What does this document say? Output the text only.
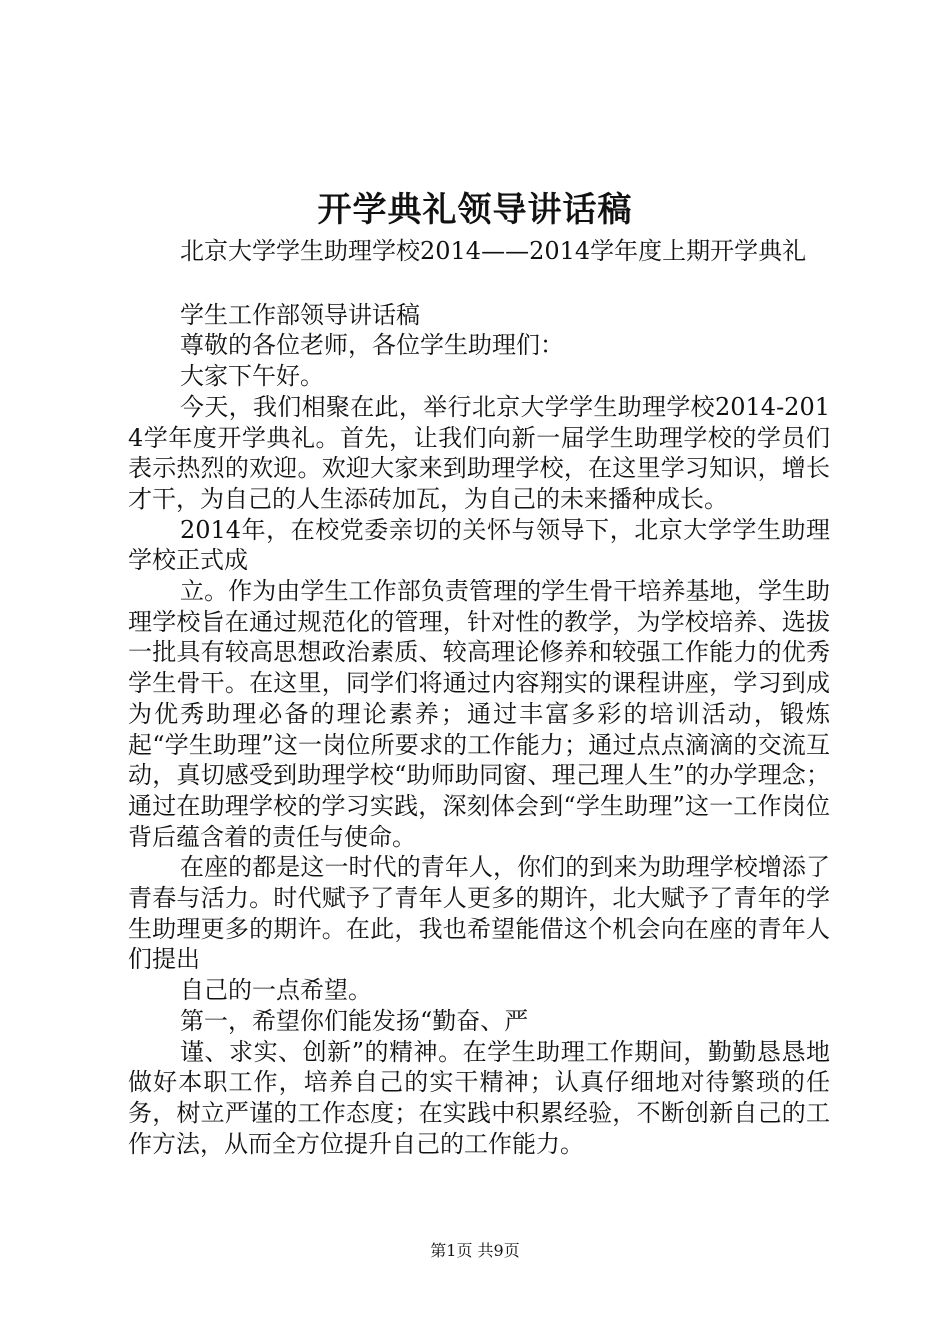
开学典礼领导讲话稿

北京大学学生助理学校2014——2014学年度上期开学典礼

学生工作部领导讲话稿

尊敬的各位老师，各位学生助理们：

大家下午好。

今天，我们相聚在此，举行北京大学学生助理学校2014-2014学年度开学典礼。首先，让我们向新一届学生助理学校的学员们表示热烈的欢迎。欢迎大家来到助理学校，在这里学习知识，增长才干，为自己的人生添砖加瓦，为自己的未来播种成长。

2014年，在校党委亲切的关怀与领导下，北京大学学生助理学校正式成

立。作为由学生工作部负责管理的学生骨干培养基地，学生助理学校旨在通过规范化的管理，针对性的教学，为学校培养、选拔一批具有较高思想政治素质、较高理论修养和较强工作能力的优秀学生骨干。在这里，同学们将通过内容翔实的课程讲座，学习到成为优秀助理必备的理论素养；通过丰富多彩的培训活动，锻炼起“学生助理”这一岗位所要求的工作能力；通过点点滴滴的交流互动，真切感受到助理学校“助师助同窗、理己理人生”的办学理念；通过在助理学校的学习实践，深刻体会到“学生助理”这一工作岗位背后蕴含着的责任与使命。

在座的都是这一时代的青年人，你们的到来为助理学校增添了青春与活力。时代赋予了青年人更多的期许，北大赋予了青年的学生助理更多的期许。在此，我也希望能借这个机会向在座的青年人们提出

自己的一点希望。

第一，希望你们能发扬“勤奋、严

谨、求实、创新”的精神。在学生助理工作期间，勤勤恳恳地做好本职工作，培养自己的实干精神；认真仔细地对待繁琐的任务，树立严谨的工作态度；在实践中积累经验，不断创新自己的工作方法，从而全方位提升自己的工作能力。

第1页 共9页
